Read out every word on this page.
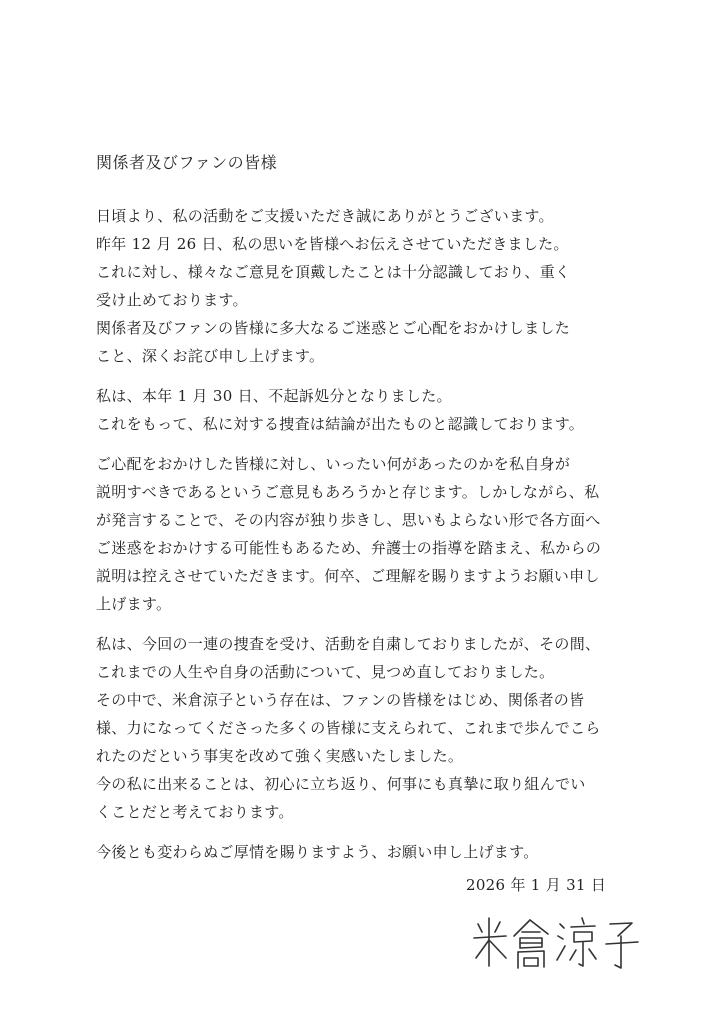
関係者及びファンの皆様

日頃より、私の活動をご支援いただき誠にありがとうございます。

昨年 12 月 26 日、私の思いを皆様へお伝えさせていただきました。

これに対し、様々なご意見を頂戴したことは十分認識しており、重く
受け止めております。

関係者及びファンの皆様に多大なるご迷惑とご心配をおかけしました
こと、深くお詫び申し上げます。

私は、本年 1 月 30 日、不起訴処分となりました。

これをもって、私に対する捜査は結論が出たものと認識しております。

ご心配をおかけした皆様に対し、いったい何があったのかを私自身が
説明すべきであるというご意見もあろうかと存じます。しかしながら、私
が発言することで、その内容が独り歩きし、思いもよらない形で各方面へ
ご迷惑をおかけする可能性もあるため、弁護士の指導を踏まえ、私からの
説明は控えさせていただきます。何卒、ご理解を賜りますようお願い申し
上げます。

私は、今回の一連の捜査を受け、活動を自粛しておりましたが、その間、
これまでの人生や自身の活動について、見つめ直しておりました。

その中で、米倉涼子という存在は、ファンの皆様をはじめ、関係者の皆
様、力になってくださった多くの皆様に支えられて、これまで歩んでこら
れたのだという事実を改めて強く実感いたしました。

今の私に出来ることは、初心に立ち返り、何事にも真摯に取り組んでい
くことだと考えております。

今後とも変わらぬご厚情を賜りますよう、お願い申し上げます。

2026 年 1 月 31 日
